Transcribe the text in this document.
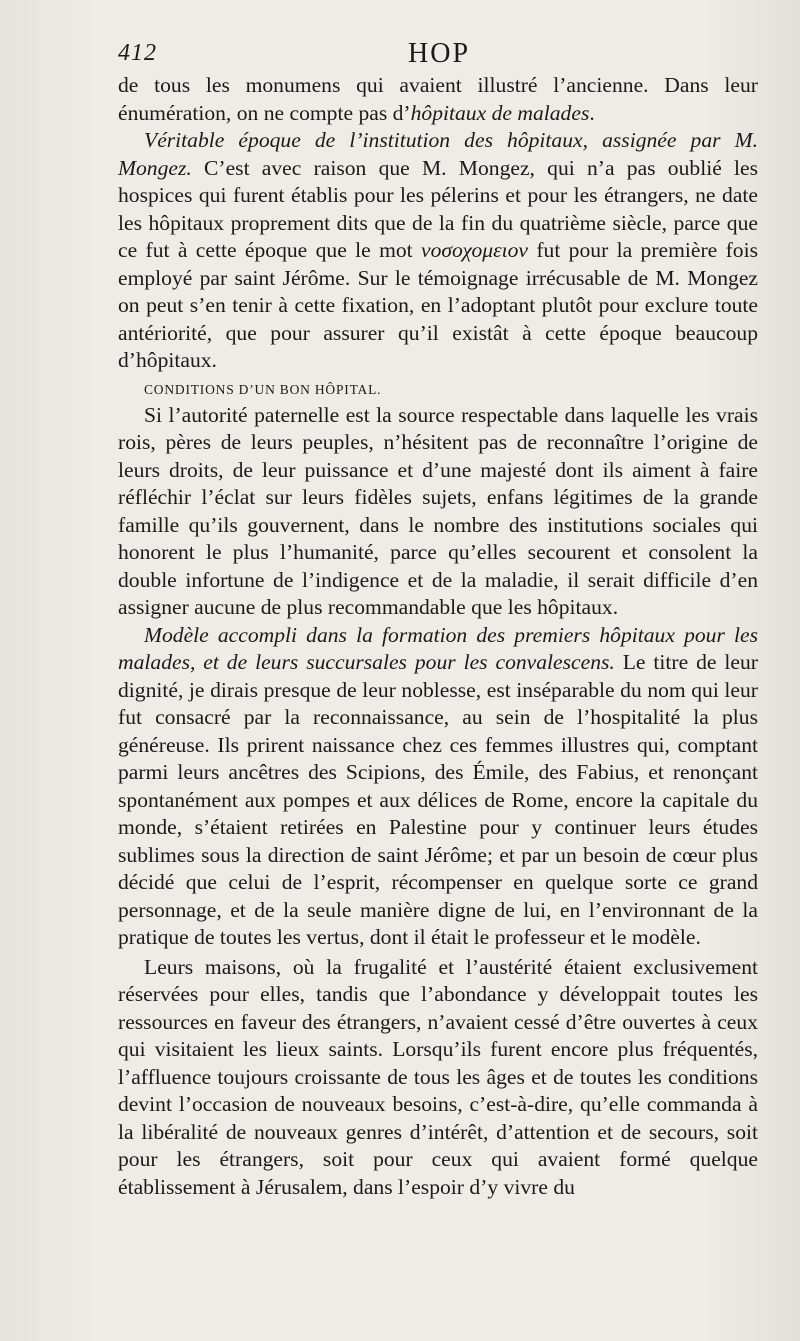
412	HOP

de tous les monumens qui avaient illustré l’ancienne. Dans leur énumération, on ne compte pas d’hôpitaux de malades.

Véritable époque de l’institution des hôpitaux, assignée par M. Mongez. C’est avec raison que M. Mongez, qui n’a pas oublié les hospices qui furent établis pour les pélerins et pour les étrangers, ne date les hôpitaux proprement dits que de la fin du quatrième siècle, parce que ce fut à cette époque que le mot νοσοχομειον fut pour la première fois employé par saint Jérôme. Sur le témoignage irrécusable de M. Mongez on peut s’en tenir à cette fixation, en l’adoptant plutôt pour exclure toute antériorité, que pour assurer qu’il existât à cette époque beaucoup d’hôpitaux.

CONDITIONS D’UN BON HÔPITAL.

Si l’autorité paternelle est la source respectable dans laquelle les vrais rois, pères de leurs peuples, n’hésitent pas de reconnaître l’origine de leurs droits, de leur puissance et d’une majesté dont ils aiment à faire réfléchir l’éclat sur leurs fidèles sujets, enfans légitimes de la grande famille qu’ils gouvernent, dans le nombre des institutions sociales qui honorent le plus l’humanité, parce qu’elles secourent et consolent la double infortune de l’indigence et de la maladie, il serait difficile d’en assigner aucune de plus recommandable que les hôpitaux.

Modèle accompli dans la formation des premiers hôpitaux pour les malades, et de leurs succursales pour les convalescens. Le titre de leur dignité, je dirais presque de leur noblesse, est inséparable du nom qui leur fut consacré par la reconnaissance, au sein de l’hospitalité la plus généreuse. Ils prirent naissance chez ces femmes illustres qui, comptant parmi leurs ancêtres des Scipions, des Émile, des Fabius, et renonçant spontanément aux pompes et aux délices de Rome, encore la capitale du monde, s’étaient retirées en Palestine pour y continuer leurs études sublimes sous la direction de saint Jérôme; et par un besoin de cœur plus décidé que celui de l’esprit, récompenser en quelque sorte ce grand personnage, et de la seule manière digne de lui, en l’environnant de la pratique de toutes les vertus, dont il était le professeur et le modèle.

Leurs maisons, où la frugalité et l’austérité étaient exclusivement réservées pour elles, tandis que l’abondance y développait toutes les ressources en faveur des étrangers, n’avaient cessé d’être ouvertes à ceux qui visitaient les lieux saints. Lorsqu’ils furent encore plus fréquentés, l’affluence toujours croissante de tous les âges et de toutes les conditions devint l’occasion de nouveaux besoins, c’est-à-dire, qu’elle commanda à la libéralité de nouveaux genres d’intérêt, d’attention et de secours, soit pour les étrangers, soit pour ceux qui avaient formé quelque établissement à Jérusalem, dans l’espoir d’y vivre du
